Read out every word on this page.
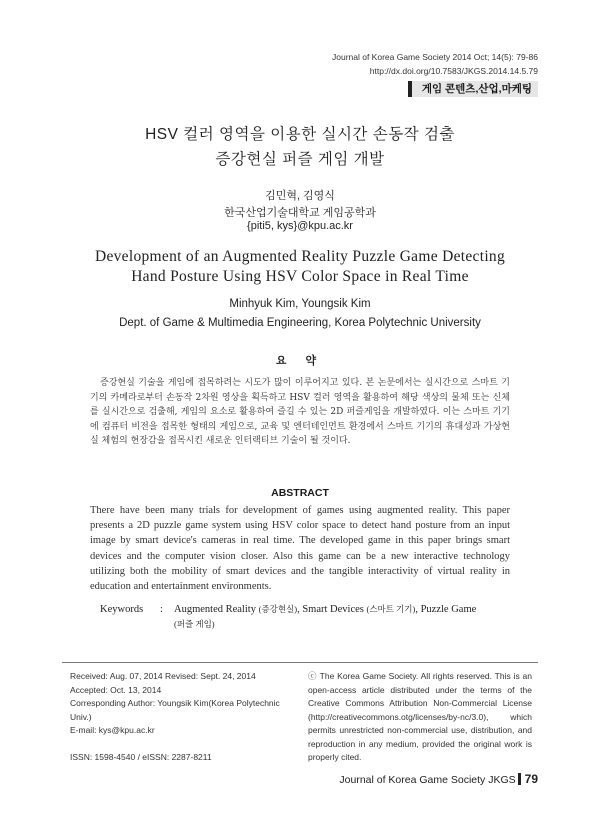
Journal of Korea Game Society 2014 Oct; 14(5): 79-86
http://dx.doi.org/10.7583/JKGS.2014.14.5.79
게임 콘텐츠,산업,마케팅
HSV 컬러 영역을 이용한 실시간 손동작 검출
증강현실 퍼즐 게임 개발
김민혁, 김영식
한국산업기술대학교 게임공학과
{piti5, kys}@kpu.ac.kr
Development of an Augmented Reality Puzzle Game Detecting
Hand Posture Using HSV Color Space in Real Time
Minhyuk Kim, Youngsik Kim
Dept. of Game & Multimedia Engineering, Korea Polytechnic University
요 약
증강현실 기술을 게임에 접목하려는 시도가 많이 이루어지고 있다. 본 논문에서는 실시간으로 스마트 기기의 카메라로부터 손동작 2차원 영상을 획득하고 HSV 컬러 영역을 활용하여 해당 색상의 물체 또는 신체를 실시간으로 검출해, 게임의 요소로 활용하여 즐길 수 있는 2D 퍼즐게임을 개발하였다. 이는 스마트 기기에 컴퓨터 비전을 접목한 형태의 게임으로, 교육 및 엔터테인먼트 환경에서 스마트 기기의 휴대성과 가상현실 체험의 현장감을 접목시킨 새로운 인터랙티브 기술이 될 것이다.
ABSTRACT
There have been many trials for development of games using augmented reality. This paper presents a 2D puzzle game system using HSV color space to detect hand posture from an input image by smart device's cameras in real time. The developed game in this paper brings smart devices and the computer vision closer. Also this game can be a new interactive technology utilizing both the mobility of smart devices and the tangible interactivity of virtual reality in education and entertainment environments.
Keywords : Augmented Reality (증강현실), Smart Devices (스마트 기기), Puzzle Game
(퍼즐 게임)
Received: Aug. 07, 2014 Revised: Sept. 24, 2014
Accepted: Oct. 13, 2014
Corresponding Author: Youngsik Kim(Korea Polytechnic Univ.)
E-mail: kys@kpu.ac.kr
ISSN: 1598-4540 / eISSN: 2287-8211
ⓒ The Korea Game Society. All rights reserved. This is an open-access article distributed under the terms of the Creative Commons Attribution Non-Commercial License (http://creativecommons.otg/licenses/by-nc/3.0), which permits unrestricted non-commercial use, distribution, and reproduction in any medium, provided the original work is properly cited.
Journal of Korea Game Society JKGS 79
